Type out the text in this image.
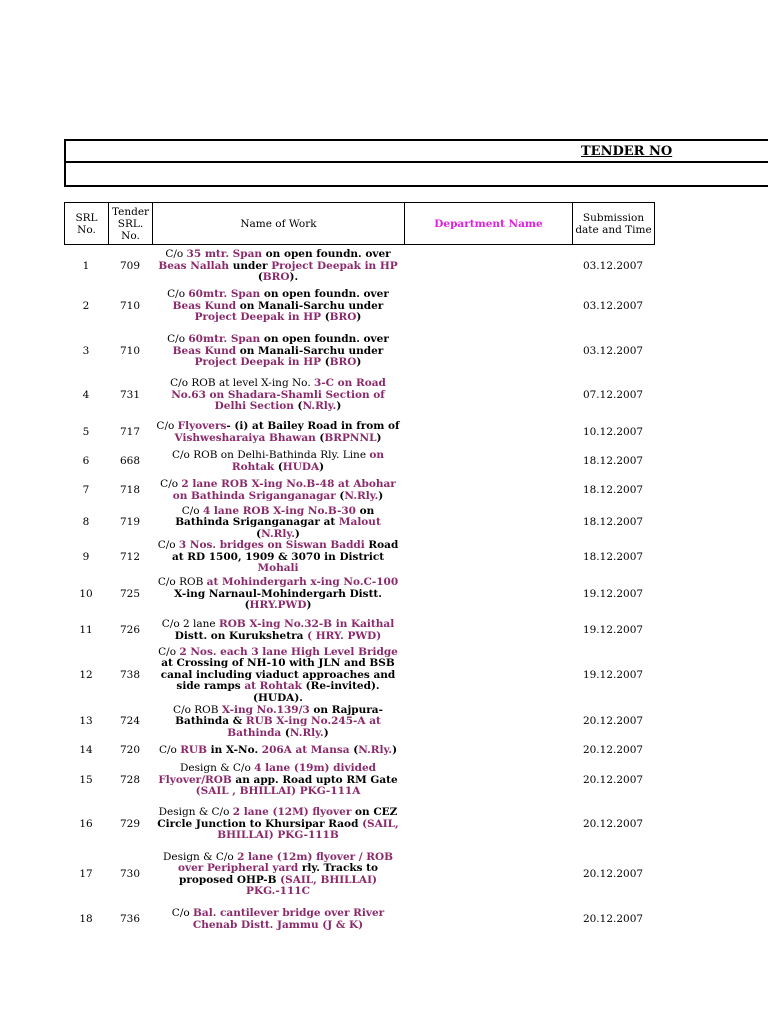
TENDER NO
SRL No.	Tender SRL. No.	Name of Work	Department Name	Submission date and Time
1	709	C/o 35 mtr. Span on open foundn. over Beas Nallah under Project Deepak in HP (BRO).		03.12.2007
2	710	C/o 60mtr. Span on open foundn. over Beas Kund on Manali-Sarchu under Project Deepak in HP (BRO)		03.12.2007
3	710	C/o 60mtr. Span on open foundn. over Beas Kund on Manali-Sarchu under Project Deepak in HP (BRO)		03.12.2007
4	731	C/o ROB at level X-ing No. 3-C on Road No.63 on Shadara-Shamli Section of Delhi Section (N.Rly.)		07.12.2007
5	717	C/o Flyovers- (i) at Bailey Road in from of Vishwesharaiya Bhawan (BRPNNL)		10.12.2007
6	668	C/o ROB on Delhi-Bathinda Rly. Line on Rohtak (HUDA)		18.12.2007
7	718	C/o 2 lane ROB X-ing No.B-48 at Abohar on Bathinda Sriganganagar (N.Rly.)		18.12.2007
8	719	C/o 4 lane ROB X-ing No.B-30 on Bathinda Sriganganagar at Malout (N.Rly.)		18.12.2007
9	712	C/o 3 Nos. bridges on Siswan Baddi Road at RD 1500, 1909 & 3070 in District Mohali		18.12.2007
10	725	C/o ROB at Mohindergarh x-ing No.C-100 X-ing Narnaul-Mohindergarh Distt. (HRY.PWD)		19.12.2007
11	726	C/o 2 lane ROB X-ing No.32-B in Kaithal Distt. on Kurukshetra ( HRY. PWD)		19.12.2007
12	738	C/o 2 Nos. each 3 lane High Level Bridge at Crossing of NH-10 with JLN and BSB canal including viaduct approaches and side ramps at Rohtak (Re-invited). (HUDA).		19.12.2007
13	724	C/o ROB X-ing No.139/3 on Rajpura-Bathinda & RUB X-ing No.245-A at Bathinda (N.Rly.)		20.12.2007
14	720	C/o RUB in X-No. 206A at Mansa (N.Rly.)		20.12.2007
15	728	Design & C/o 4 lane (19m) divided Flyover/ROB an app. Road upto RM Gate (SAIL , BHILLAI) PKG-111A		20.12.2007
16	729	Design & C/o 2 lane (12M) flyover on CEZ Circle Junction to Khursipar Raod (SAIL, BHILLAI) PKG-111B		20.12.2007
17	730	Design & C/o 2 lane (12m) flyover / ROB over Peripheral yard rly. Tracks to proposed OHP-B (SAIL, BHILLAI) PKG.-111C		20.12.2007
18	736	C/o Bal. cantilever bridge over River Chenab Distt. Jammu (J & K)		20.12.2007
